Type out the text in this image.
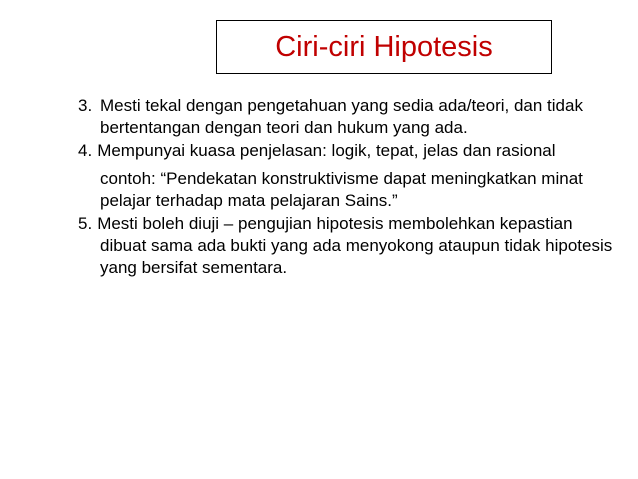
Ciri-ciri Hipotesis

3. Mesti tekal dengan pengetahuan yang sedia ada/teori, dan tidak bertentangan dengan teori dan hukum yang ada.

4. Mempunyai kuasa penjelasan: logik, tepat, jelas dan rasional
contoh: “Pendekatan konstruktivisme dapat meningkatkan minat pelajar terhadap mata pelajaran Sains.”

5. Mesti boleh diuji – pengujian hipotesis membolehkan kepastian dibuat sama ada bukti yang ada menyokong ataupun tidak hipotesis yang bersifat sementara.
